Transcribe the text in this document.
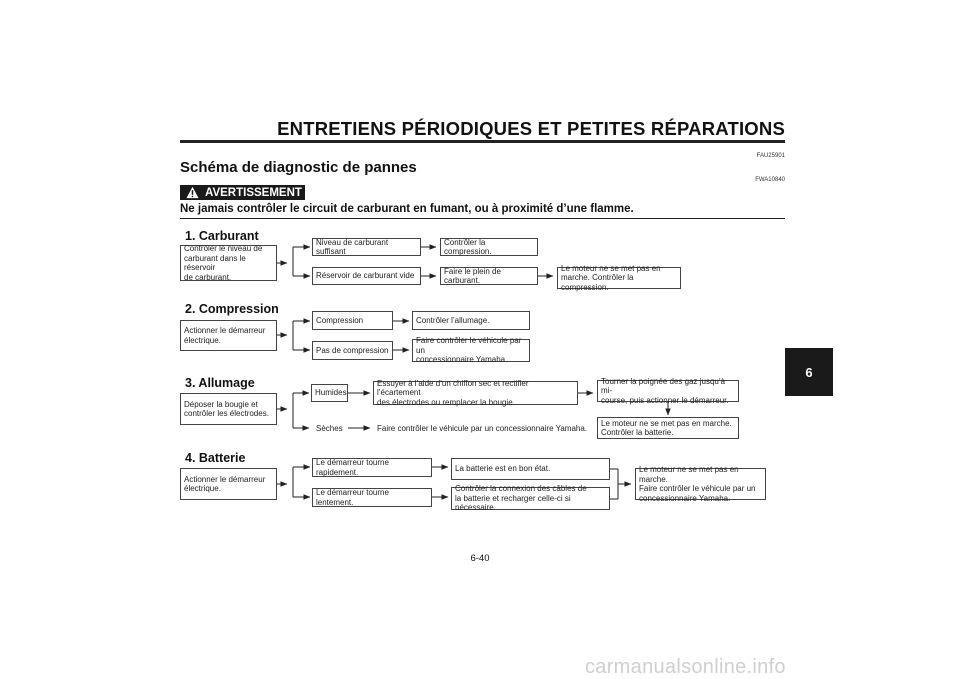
ENTRETIENS PÉRIODIQUES ET PETITES RÉPARATIONS
FAU25901
Schéma de diagnostic de pannes
FWA10840
AVERTISSEMENT
Ne jamais contrôler le circuit de carburant en fumant, ou à proximité d’une flamme.
1. Carburant
Contrôler le niveau de
carburant dans le réservoir
de carburant.
Niveau de carburant suffisant
Contrôler la compression.
Réservoir de carburant vide
Faire le plein de carburant.
Le moteur ne se met pas en
marche. Contrôler la compression.
2. Compression
Actionner le démarreur
électrique.
Compression	Contrôler l’allumage.
Pas de compression
Faire contrôler le véhicule par un
concessionnaire Yamaha.
3. Allumage
Déposer la bougie et
contrôler les électrodes.
Humides
Essuyer à l’aide d’un chiffon sec et rectifier l’écartement
des électrodes ou remplacer la bougie.
Tourner la poignée des gaz jusqu’à mi-
course, puis actionner le démarreur.
Sèches	Faire contrôler le véhicule par un concessionnaire Yamaha.
Le moteur ne se met pas en marche.
Contrôler la batterie.
4. Batterie
Actionner le démarreur
électrique.
Le démarreur tourne rapidement.	La batterie est en bon état.
Le démarreur tourne lentement.
Contrôler la connexion des câbles de
la batterie et recharger celle-ci si nécessaire.
Le moteur ne se met pas en marche.
Faire contrôler le véhicule par un
concessionnaire Yamaha.
6
6-40
carmanualsonline.info
